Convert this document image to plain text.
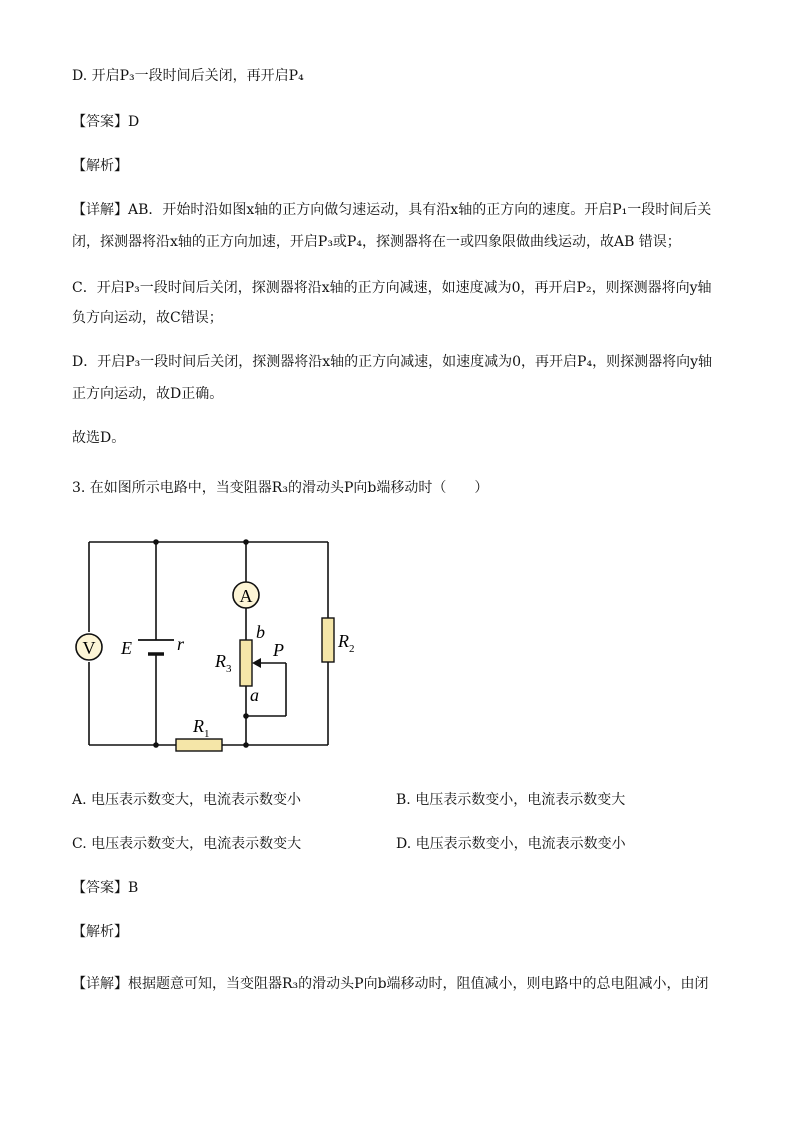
D. 开启P₃一段时间后关闭，再开启P₄
【答案】D
【解析】
【详解】AB．开始时沿如图x轴的正方向做匀速运动，具有沿x轴的正方向的速度。开启P₁一段时间后关
闭，探测器将沿x轴的正方向加速，开启P₃或P₄，探测器将在一或四象限做曲线运动，故AB 错误；
C．开启P₃一段时间后关闭，探测器将沿x轴的正方向减速，如速度减为0，再开启P₂，则探测器将向y轴
负方向运动，故C错误；
D．开启P₃一段时间后关闭，探测器将沿x轴的正方向减速，如速度减为0，再开启P₄，则探测器将向y轴
正方向运动，故D正确。
故选D。
3. 在如图所示电路中，当变阻器R₃的滑动头P向b端移动时（　　）
V
A
E	r
b
a
P
$R_3$
$R_2$
$R_1$
A. 电压表示数变大，电流表示数变小	B. 电压表示数变小，电流表示数变大
C. 电压表示数变大，电流表示数变大	D. 电压表示数变小，电流表示数变小
【答案】B
【解析】
【详解】根据题意可知，当变阻器R₃的滑动头P向b端移动时，阻值减小，则电路中的总电阻减小，由闭
